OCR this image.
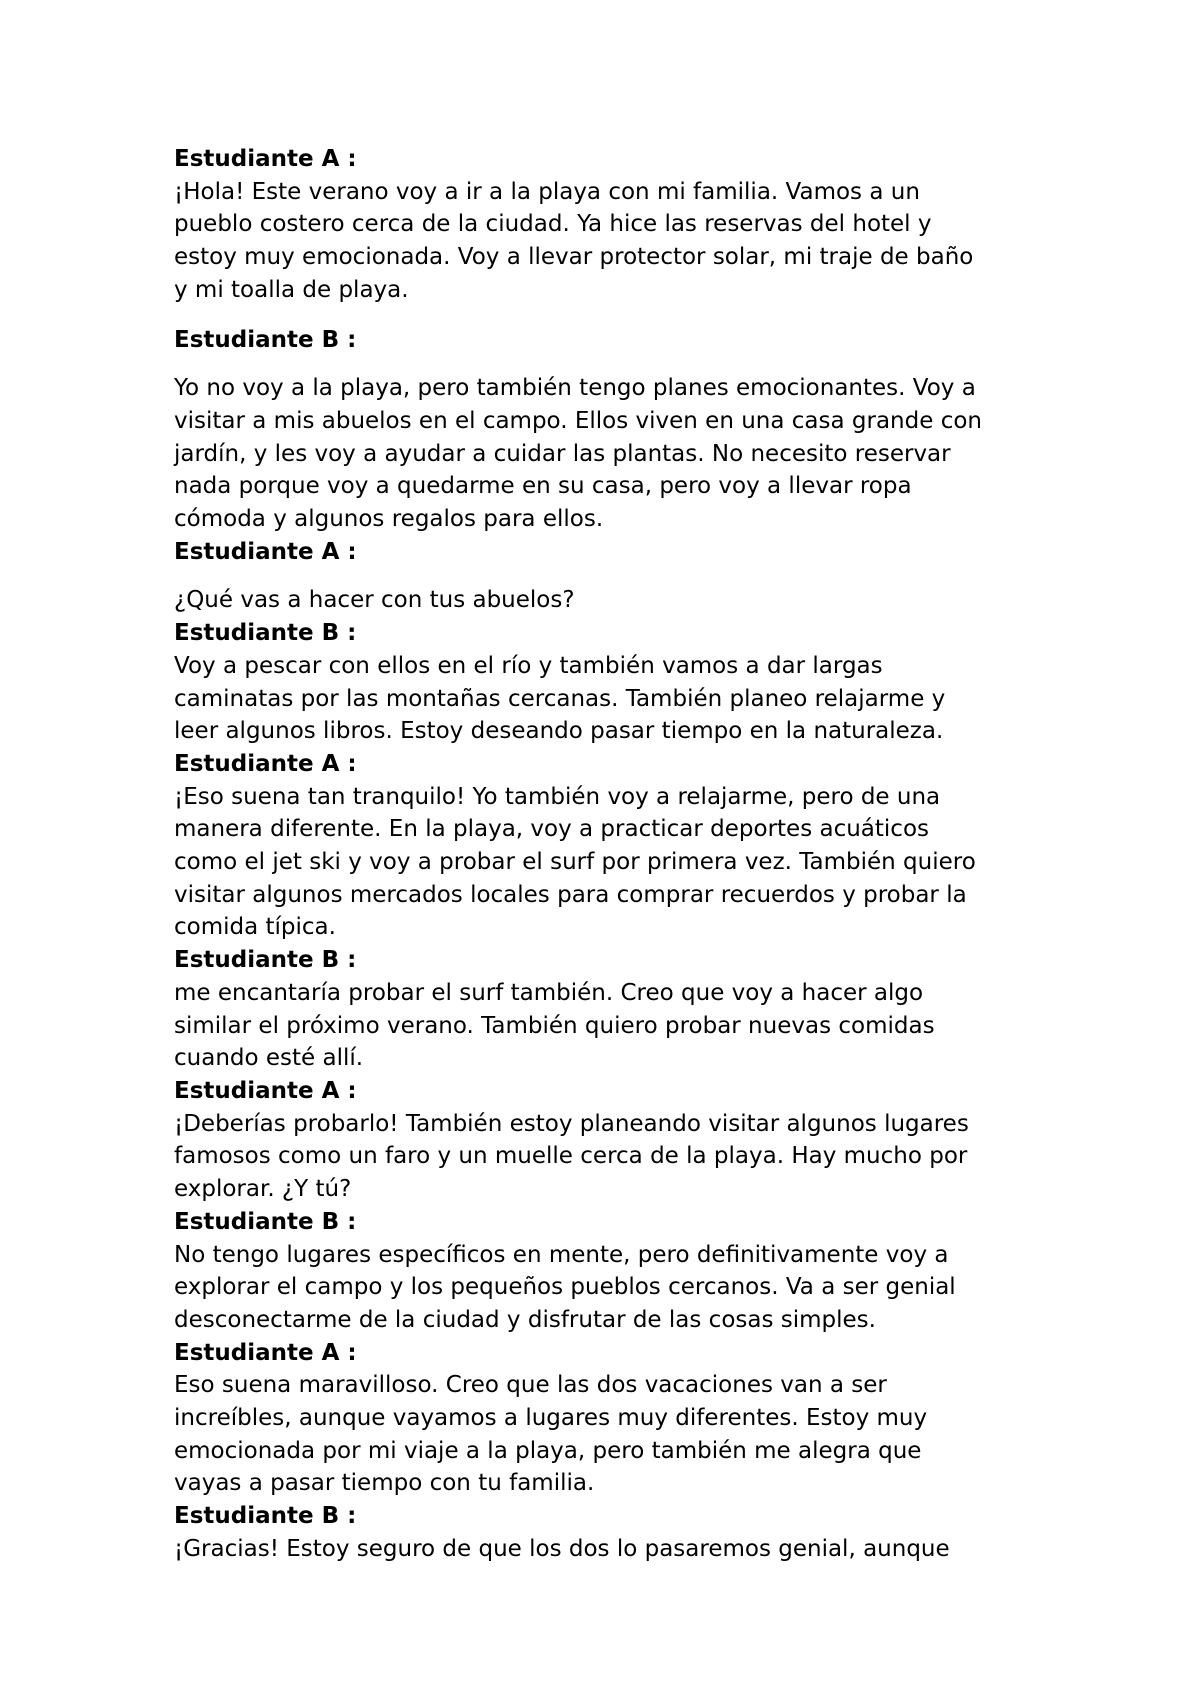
Estudiante A :
¡Hola! Este verano voy a ir a la playa con mi familia. Vamos a un
pueblo costero cerca de la ciudad. Ya hice las reservas del hotel y
estoy muy emocionada. Voy a llevar protector solar, mi traje de baño
y mi toalla de playa.
Estudiante B :
Yo no voy a la playa, pero también tengo planes emocionantes. Voy a
visitar a mis abuelos en el campo. Ellos viven en una casa grande con
jardín, y les voy a ayudar a cuidar las plantas. No necesito reservar
nada porque voy a quedarme en su casa, pero voy a llevar ropa
cómoda y algunos regalos para ellos.
Estudiante A :
¿Qué vas a hacer con tus abuelos?
Estudiante B :
Voy a pescar con ellos en el río y también vamos a dar largas
caminatas por las montañas cercanas. También planeo relajarme y
leer algunos libros. Estoy deseando pasar tiempo en la naturaleza.
Estudiante A :
¡Eso suena tan tranquilo! Yo también voy a relajarme, pero de una
manera diferente. En la playa, voy a practicar deportes acuáticos
como el jet ski y voy a probar el surf por primera vez. También quiero
visitar algunos mercados locales para comprar recuerdos y probar la
comida típica.
Estudiante B :
me encantaría probar el surf también. Creo que voy a hacer algo
similar el próximo verano. También quiero probar nuevas comidas
cuando esté allí.
Estudiante A :
¡Deberías probarlo! También estoy planeando visitar algunos lugares
famosos como un faro y un muelle cerca de la playa. Hay mucho por
explorar. ¿Y tú?
Estudiante B :
No tengo lugares específicos en mente, pero definitivamente voy a
explorar el campo y los pequeños pueblos cercanos. Va a ser genial
desconectarme de la ciudad y disfrutar de las cosas simples.
Estudiante A :
Eso suena maravilloso. Creo que las dos vacaciones van a ser
increíbles, aunque vayamos a lugares muy diferentes. Estoy muy
emocionada por mi viaje a la playa, pero también me alegra que
vayas a pasar tiempo con tu familia.
Estudiante B :
¡Gracias! Estoy seguro de que los dos lo pasaremos genial, aunque
